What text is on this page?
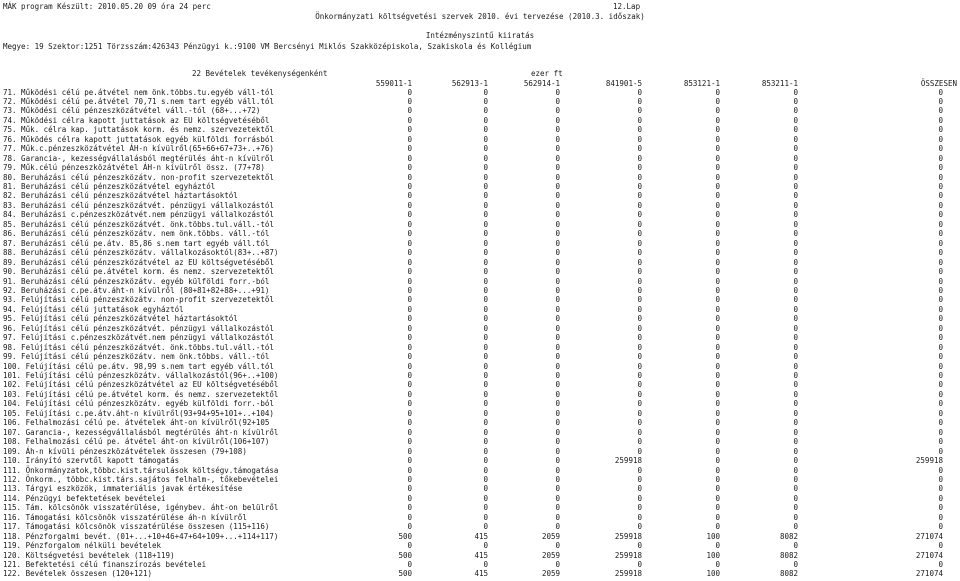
MÁK program Készült: 2010.05.20 09 óra 24 perc	12.Lap
Önkormányzati költségvetési szervek 2010. évi tervezése (2010.3. időszak)
Intézményszintű kiiratás
Megye: 19 Szektor:1251 Törzsszám:426343 Pénzügyi k.:9100 VM Bercsényi Miklós Szakközépiskola, Szakiskola és Kollégium
22 Bevételek tevékenységenként	ezer ft
559011-1	562913-1	562914-1	841901-5	853121-1	853211-1	ÖSSZESEN
71. Működési célú pe.átvétel nem önk.többs.tu.egyéb váll-tól	0	0	0	0	0	0	0
72. Működési célú pe.átvétel 70,71 s.nem tart egyéb váll.tól	0	0	0	0	0	0	0
73. Működési célú pénzeszközátvétel váll.-tól (68+...+72)	0	0	0	0	0	0	0
74. Működési célra kapott juttatások az EU költségvetéséből	0	0	0	0	0	0	0
75. Műk. célra kap. juttatások korm. és nemz. szervezetektől	0	0	0	0	0	0	0
76. Működés célra kapott juttatások egyéb külföldi forrásból	0	0	0	0	0	0	0
77. Műk.c.pénzeszközátvétel ÁH-n kívülről(65+66+67+73+..+76)	0	0	0	0	0	0	0
78. Garancia-, kezességvállalásból megtérülés áht-n kívülről	0	0	0	0	0	0	0
79. Műk.célú pénzeszközátvétel ÁH-n kívülről össz. (77+78)	0	0	0	0	0	0	0
80. Beruházási célú pénzeszközátv. non-profit szervezetektől	0	0	0	0	0	0	0
81. Beruházási célú pénzeszközátvétel egyháztól	0	0	0	0	0	0	0
82. Beruházási célú pénzeszközátvétel háztartásoktól	0	0	0	0	0	0	0
83. Beruházási célú pénzeszközátvét. pénzügyi vállalkozástól	0	0	0	0	0	0	0
84. Beruházási c.pénzeszközátvét.nem pénzügyi vállalkozástól	0	0	0	0	0	0	0
85. Beruházási célú pénzeszközátvét. önk.többs.tul.váll.-tól	0	0	0	0	0	0	0
86. Beruházási célú pénzeszközátv. nem önk.többs. váll.-tól	0	0	0	0	0	0	0
87. Beruházási célú pe.átv. 85,86 s.nem tart egyéb váll.tól	0	0	0	0	0	0	0
88. Beruházási célú pénzeszközátv. vállalkozásoktól(83+..+87)	0	0	0	0	0	0	0
89. Beruházási célú pénzeszközátvétel az EU költségvetéséből	0	0	0	0	0	0	0
90. Beruházási célú pe.átvétel korm. és nemz. szervezetektől	0	0	0	0	0	0	0
91. Beruházási célú pénzeszközátv. egyéb külföldi forr.-ból	0	0	0	0	0	0	0
92. Beruházási c.pe.átv.áht-n kívülről (80+81+82+88+...+91)	0	0	0	0	0	0	0
93. Felújítási célú pénzeszközátv. non-profit szervezetektől	0	0	0	0	0	0	0
94. Felújítási célú juttatások egyháztól	0	0	0	0	0	0	0
95. Felújítási célú pénzeszközátvétel háztartásoktól	0	0	0	0	0	0	0
96. Felújítási célú pénzeszközátvét. pénzügyi vállalkozástól	0	0	0	0	0	0	0
97. Felújítási c.pénzeszközátvét.nem pénzügyi vállalkozástól	0	0	0	0	0	0	0
98. Felújítási célú pénzeszközátvét. önk.többs.tul.váll.-tól	0	0	0	0	0	0	0
99. Felújítási célú pénzeszközátv. nem önk.többs. váll.-tól	0	0	0	0	0	0	0
100. Felújítási célú pe.átv. 98,99 s.nem tart egyéb váll.tól	0	0	0	0	0	0	0
101. Felújítási célú pénzeszközátv. vállalkozástól(96+..+100)	0	0	0	0	0	0	0
102. Felújítási célú pénzeszközátvétel az EU költségvetéséből	0	0	0	0	0	0	0
103. Felújítási célú pe.átvétel korm. és nemz. szervezetektől	0	0	0	0	0	0	0
104. Felújítási célú pénzeszközátv. egyéb külföldi forr.-ból	0	0	0	0	0	0	0
105. Felújítási c.pe.átv.áht-n kívülről(93+94+95+101+..+104)	0	0	0	0	0	0	0
106. Felhalmozási célú pe. átvételek áht-on kívülről(92+105	0	0	0	0	0	0	0
107. Garancia-, kezességvállalásból megtérülés áht-n kívülről	0	0	0	0	0	0	0
108. Felhalmozási célú pe. átvétel áht-on kívülről(106+107)	0	0	0	0	0	0	0
109. Áh-n kívüli pénzeszközátvételek összesen (79+108)	0	0	0	0	0	0	0
110. Irányító szervtől kapott támogatás	0	0	0	259918	0	0	259918
111. Önkormányzatok,többc.kist.társulások költségv.támogatása	0	0	0	0	0	0	0
112. Önkorm., többc.kist.társ.sajátos felhalm-, tőkebevételei	0	0	0	0	0	0	0
113. Tárgyi eszközök, immateriális javak értékesítése	0	0	0	0	0	0	0
114. Pénzügyi befektetések bevételei	0	0	0	0	0	0	0
115. Tám. kölcsönök visszatérülése, igénybev. áht-on belülről	0	0	0	0	0	0	0
116. Támogatási kölcsönök visszatérülése áh-n kívülről	0	0	0	0	0	0	0
117. Támogatási kölcsönök visszatérülése összesen (115+116)	0	0	0	0	0	0	0
118. Pénzforgalmi bevét. (01+...+10+46+47+64+109+...+114+117)	500	415	2059	259918	100	8082	271074
119. Pénzforgalom nélküli bevételek	0	0	0	0	0	0	0
120. Költségvetési bevételek (118+119)	500	415	2059	259918	100	8082	271074
121. Befektetési célú finanszírozás bevételei	0	0	0	0	0	0	0
122. Bevételek összesen (120+121)	500	415	2059	259918	100	8082	271074
